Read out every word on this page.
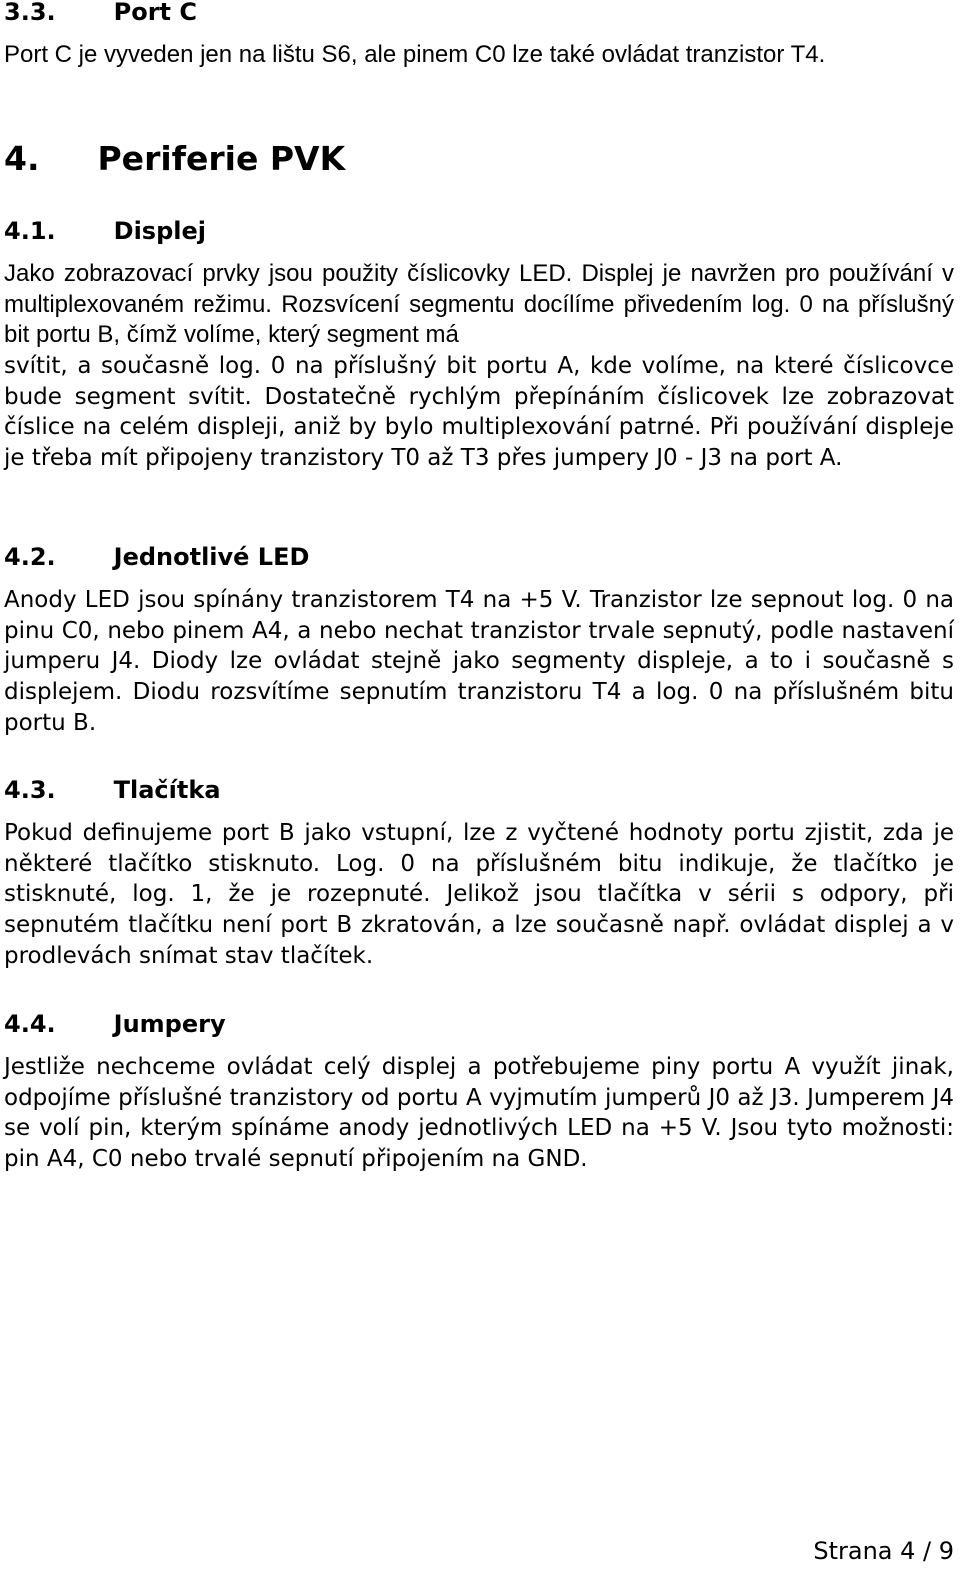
3.3. Port C

Port C je vyveden jen na lištu S6, ale pinem C0 lze také ovládat tranzistor T4.

4. Periferie PVK
4.1. Displej

Jako zobrazovací prvky jsou použity číslicovky LED. Displej je navržen pro používání v multiplexovaném režimu. Rozsvícení segmentu docílíme přivedením log. 0 na příslušný bit portu B, čímž volíme, který segment má

svítit, a současně log. 0 na příslušný bit portu A, kde volíme, na které číslicovce bude segment svítit. Dostatečně rychlým přepínáním číslicovek lze zobrazovat číslice na celém displeji, aniž by bylo multiplexování patrné. Při používání displeje je třeba mít připojeny tranzistory T0 až T3 přes jumpery J0 - J3 na port A.

4.2. Jednotlivé LED

Anody LED jsou spínány tranzistorem T4 na +5 V. Tranzistor lze sepnout log. 0 na pinu C0, nebo pinem A4, a nebo nechat tranzistor trvale sepnutý, podle nastavení jumperu J4. Diody lze ovládat stejně jako segmenty displeje, a to i současně s displejem. Diodu rozsvítíme sepnutím tranzistoru T4 a log. 0 na příslušném bitu portu B.

4.3. Tlačítka

Pokud definujeme port B jako vstupní, lze z vyčtené hodnoty portu zjistit, zda je některé tlačítko stisknuto. Log. 0 na příslušném bitu indikuje, že tlačítko je stisknuté, log. 1, že je rozepnuté. Jelikož jsou tlačítka v sérii s odpory, při sepnutém tlačítku není port B zkratován, a lze současně např. ovládat displej a v prodlevách snímat stav tlačítek.

4.4. Jumpery

Jestliže nechceme ovládat celý displej a potřebujeme piny portu A využít jinak, odpojíme příslušné tranzistory od portu A vyjmutím jumperů J0 až J3. Jumperem J4 se volí pin, kterým spínáme anody jednotlivých LED na +5 V. Jsou tyto možnosti: pin A4, C0 nebo trvalé sepnutí připojením na GND.

Strana 4 / 9
